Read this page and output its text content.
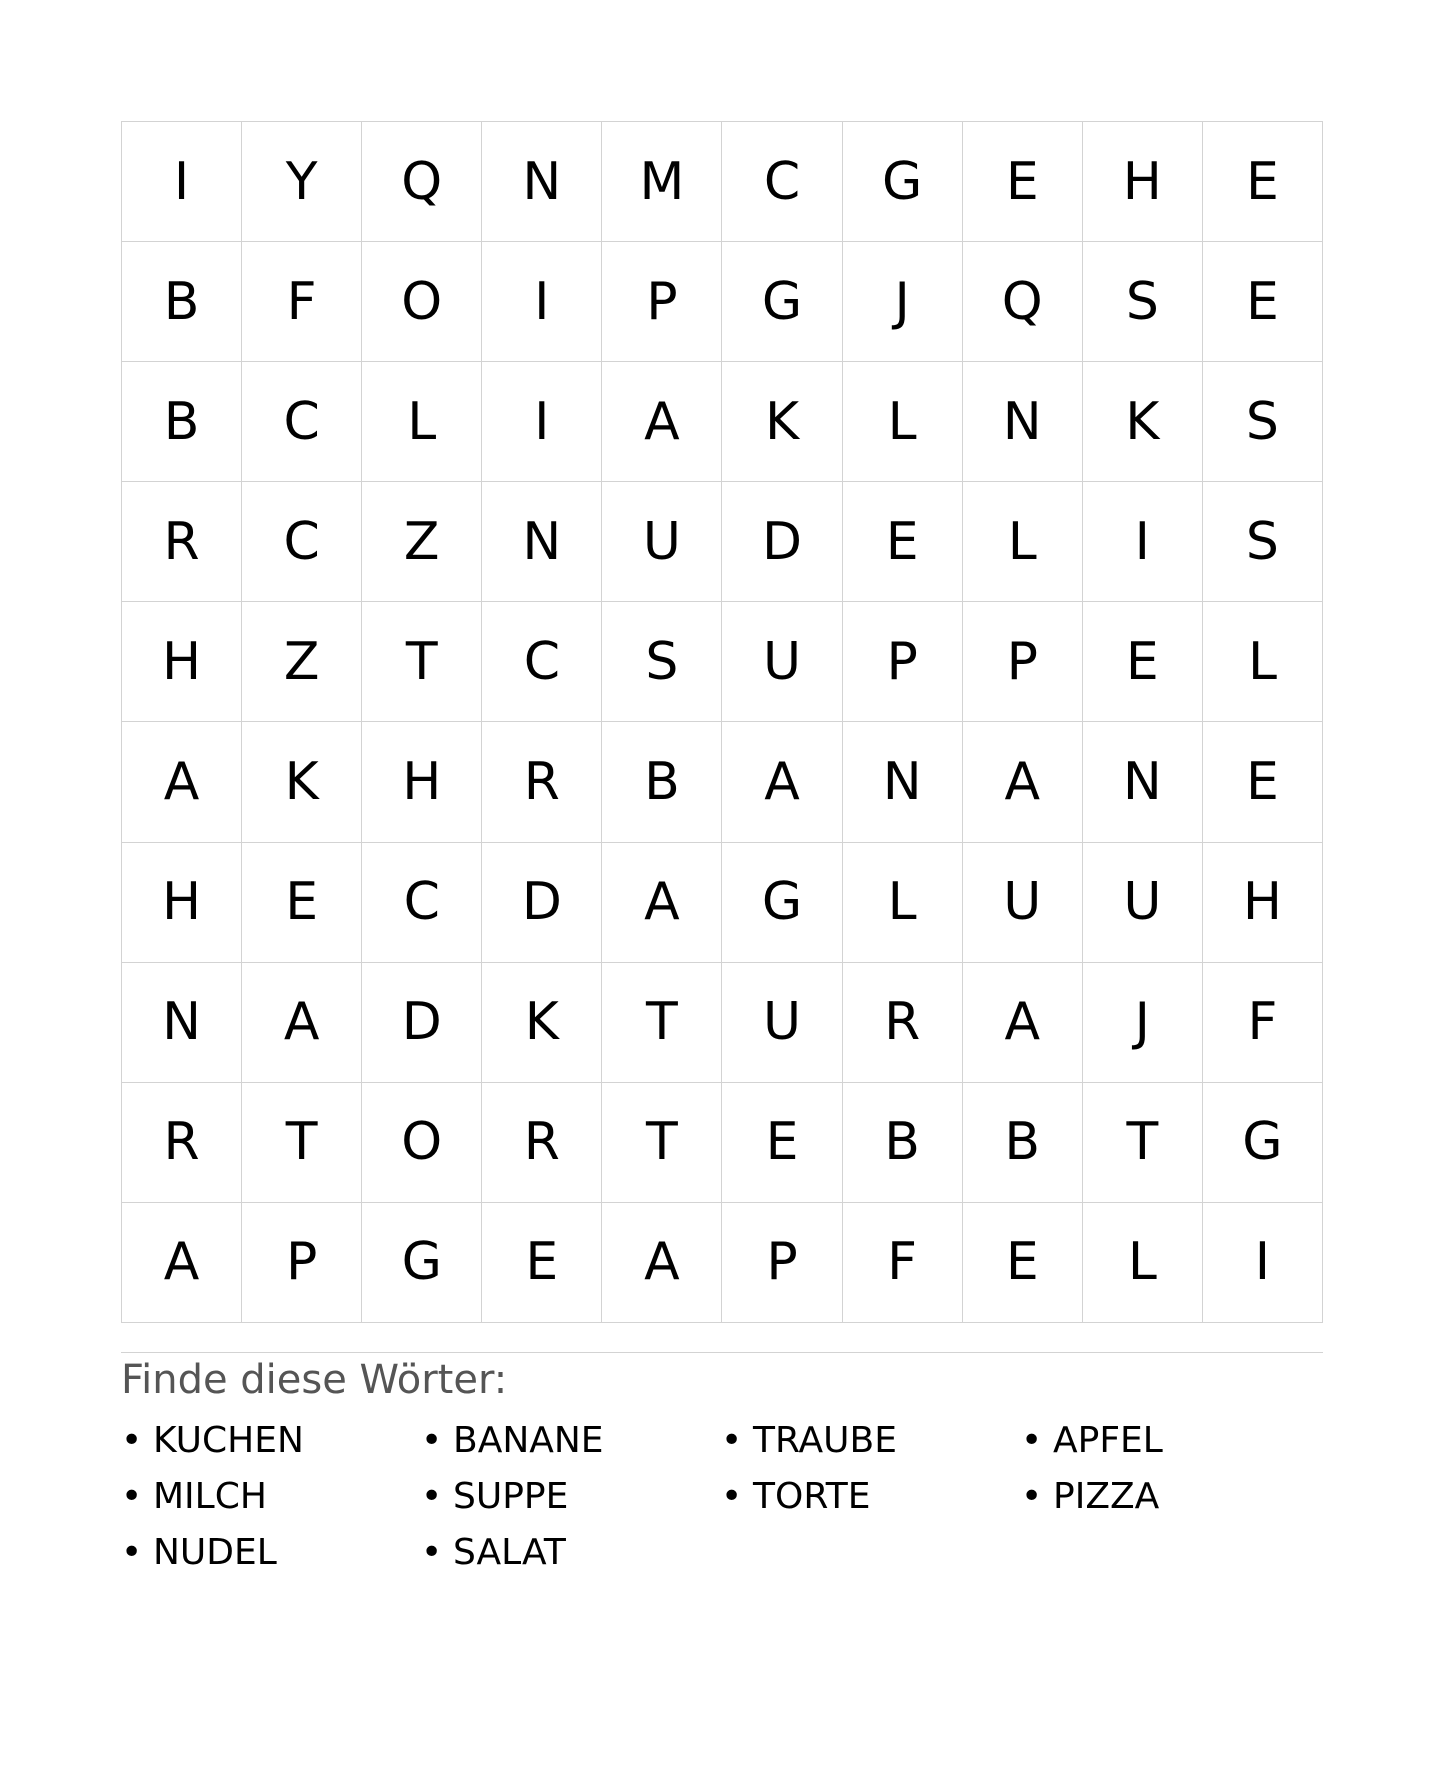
I	Y	Q	N	M	C	G	E	H	E
B	F	O	I	P	G	J	Q	S	E
B	C	L	I	A	K	L	N	K	S
R	C	Z	N	U	D	E	L	I	S
H	Z	T	C	S	U	P	P	E	L
A	K	H	R	B	A	N	A	N	E
H	E	C	D	A	G	L	U	U	H
N	A	D	K	T	U	R	A	J	F
R	T	O	R	T	E	B	B	T	G
A	P	G	E	A	P	F	E	L	I
Finde diese Wörter:
• KUCHEN	• BANANE	• TRAUBE	• APFEL
• MILCH	• SUPPE	• TORTE	• PIZZA
• NUDEL	• SALAT
